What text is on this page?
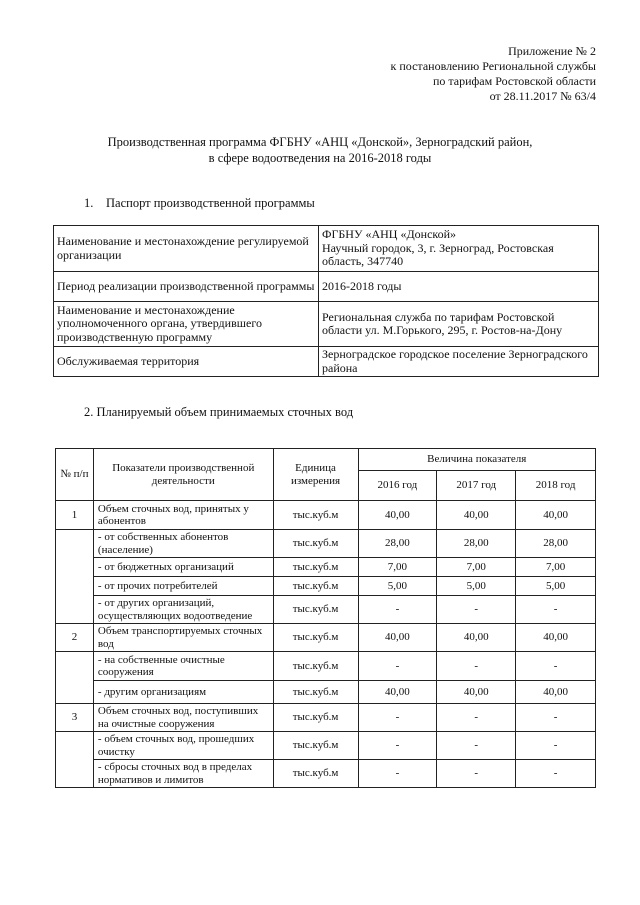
Приложение № 2
к постановлению Региональной службы
по тарифам Ростовской области
от 28.11.2017 № 63/4
Производственная программа ФГБНУ «АНЦ «Донской», Зерноградский район,
в сфере водоотведения на 2016-2018 годы
1. Паспорт производственной программы
Наименование и местонахождение регулируемой организации	ФГБНУ «АНЦ «Донской»
Научный городок, 3, г. Зерноград, Ростовская область, 347740

Период реализации производственной программы	2016-2018 годы
Наименование и местонахождение уполномоченного органа, утвердившего производственную программу	Региональная служба по тарифам Ростовской области ул. М.Горького, 295, г. Ростов-на-Дону
Обслуживаемая территория	Зерноградское городское поселение Зерноградского района
2. Планируемый объем принимаемых сточных вод
№ п/п	Показатели производственной деятельности	Единица измерения	Величина показателя		
			2016 год	2017 год	2018 год
1	Объем сточных вод, принятых у абонентов	тыс.куб.м	40,00	40,00	40,00
	- от собственных абонентов (население)	тыс.куб.м	28,00	28,00	28,00
	- от бюджетных организаций	тыс.куб.м	7,00	7,00	7,00
	- от прочих потребителей	тыс.куб.м	5,00	5,00	5,00
	- от других организаций, осуществляющих водоотведение	тыс.куб.м	-	-	-
2	Объем транспортируемых сточных вод	тыс.куб.м	40,00	40,00	40,00
	- на собственные очистные сооружения	тыс.куб.м	-	-	-
	- другим организациям	тыс.куб.м	40,00	40,00	40,00
3	Объем сточных вод, поступивших на очистные сооружения	тыс.куб.м	-	-	-
	- объем сточных вод, прошедших очистку	тыс.куб.м	-	-	-
	- сбросы сточных вод в пределах нормативов и лимитов	тыс.куб.м	-	-	-
